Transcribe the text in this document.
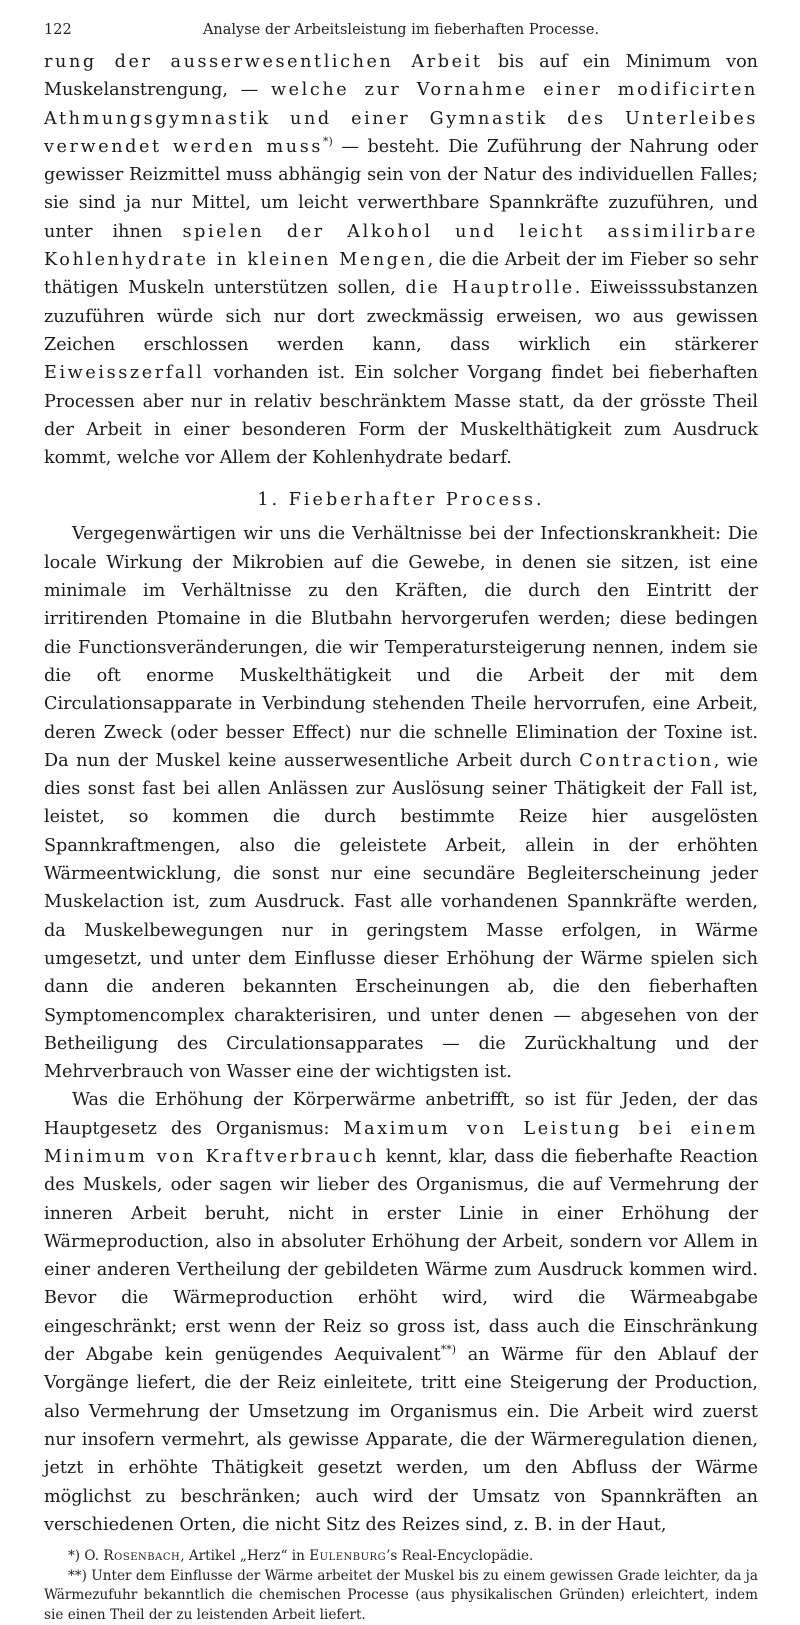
122	Analyse der Arbeitsleistung im fieberhaften Processe.

rung der ausserwesentlichen Arbeit bis auf ein Minimum von Muskelanstrengung, — welche zur Vornahme einer modificirten Athmungsgymnastik und einer Gymnastik des Unterleibes verwendet werden muss*) — besteht. Die Zuführung der Nahrung oder gewisser Reizmittel muss abhängig sein von der Natur des individuellen Falles; sie sind ja nur Mittel, um leicht verwerthbare Spannkräfte zuzuführen, und unter ihnen spielen der Alkohol und leicht assimilirbare Kohlenhydrate in kleinen Mengen, die die Arbeit der im Fieber so sehr thätigen Muskeln unterstützen sollen, die Hauptrolle. Eiweisssubstanzen zuzuführen würde sich nur dort zweckmässig erweisen, wo aus gewissen Zeichen erschlossen werden kann, dass wirklich ein stärkerer Eiweisszerfall vorhanden ist. Ein solcher Vorgang findet bei fieberhaften Processen aber nur in relativ beschränktem Masse statt, da der grösste Theil der Arbeit in einer besonderen Form der Muskelthätigkeit zum Ausdruck kommt, welche vor Allem der Kohlenhydrate bedarf.

1. Fieberhafter Process.

Vergegenwärtigen wir uns die Verhältnisse bei der Infectionskrankheit: Die locale Wirkung der Mikrobien auf die Gewebe, in denen sie sitzen, ist eine minimale im Verhältnisse zu den Kräften, die durch den Eintritt der irritirenden Ptomaine in die Blutbahn hervorgerufen werden; diese bedingen die Functionsveränderungen, die wir Temperatursteigerung nennen, indem sie die oft enorme Muskelthätigkeit und die Arbeit der mit dem Circulationsapparate in Verbindung stehenden Theile hervorrufen, eine Arbeit, deren Zweck (oder besser Effect) nur die schnelle Elimination der Toxine ist. Da nun der Muskel keine ausserwesentliche Arbeit durch Contraction, wie dies sonst fast bei allen Anlässen zur Auslösung seiner Thätigkeit der Fall ist, leistet, so kommen die durch bestimmte Reize hier ausgelösten Spannkraftmengen, also die geleistete Arbeit, allein in der erhöhten Wärmeentwicklung, die sonst nur eine secundäre Begleiterscheinung jeder Muskelaction ist, zum Ausdruck. Fast alle vorhandenen Spannkräfte werden, da Muskelbewegungen nur in geringstem Masse erfolgen, in Wärme umgesetzt, und unter dem Einflusse dieser Erhöhung der Wärme spielen sich dann die anderen bekannten Erscheinungen ab, die den fieberhaften Symptomencomplex charakterisiren, und unter denen — abgesehen von der Betheiligung des Circulationsapparates — die Zurückhaltung und der Mehrverbrauch von Wasser eine der wichtigsten ist.

Was die Erhöhung der Körperwärme anbetrifft, so ist für Jeden, der das Hauptgesetz des Organismus: Maximum von Leistung bei einem Minimum von Kraftverbrauch kennt, klar, dass die fieberhafte Reaction des Muskels, oder sagen wir lieber des Organismus, die auf Vermehrung der inneren Arbeit beruht, nicht in erster Linie in einer Erhöhung der Wärmeproduction, also in absoluter Erhöhung der Arbeit, sondern vor Allem in einer anderen Vertheilung der gebildeten Wärme zum Ausdruck kommen wird. Bevor die Wärmeproduction erhöht wird, wird die Wärmeabgabe eingeschränkt; erst wenn der Reiz so gross ist, dass auch die Einschränkung der Abgabe kein genügendes Aequivalent**) an Wärme für den Ablauf der Vorgänge liefert, die der Reiz einleitete, tritt eine Steigerung der Production, also Vermehrung der Umsetzung im Organismus ein. Die Arbeit wird zuerst nur insofern vermehrt, als gewisse Apparate, die der Wärmeregulation dienen, jetzt in erhöhte Thätigkeit gesetzt werden, um den Abfluss der Wärme möglichst zu beschränken; auch wird der Umsatz von Spannkräften an verschiedenen Orten, die nicht Sitz des Reizes sind, z. B. in der Haut,

*) O. Rosenbach, Artikel „Herz“ in Eulenburg’s Real-Encyclopädie.

**) Unter dem Einflusse der Wärme arbeitet der Muskel bis zu einem gewissen Grade leichter, da ja Wärmezufuhr bekanntlich die chemischen Processe (aus physikalischen Gründen) erleichtert, indem sie einen Theil der zu leistenden Arbeit liefert.
